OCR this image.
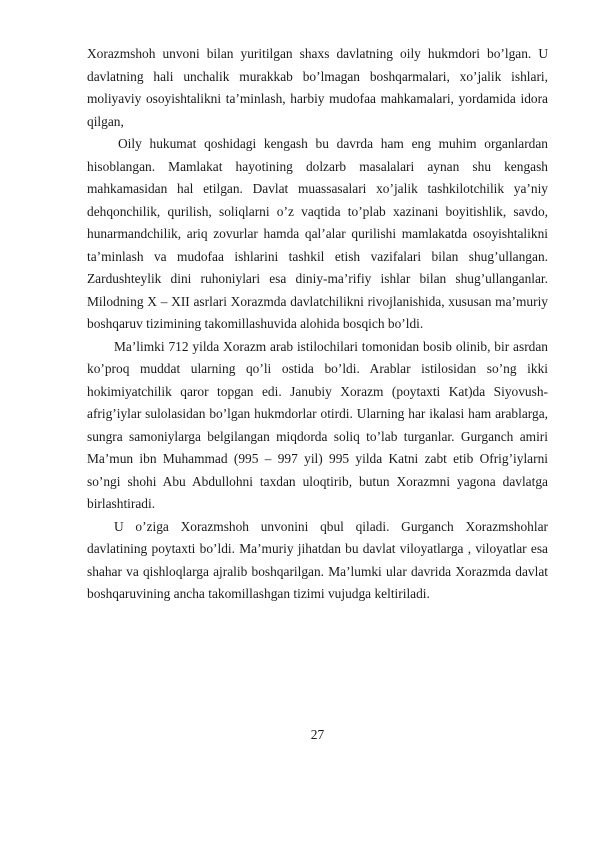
Xorazmshoh unvoni bilan yuritilgan shaxs davlatning oily hukmdori bo’lgan. U davlatning hali unchalik murakkab bo’lmagan boshqarmalari, xo’jalik ishlari, moliyaviy osoyishtalikni ta’minlash, harbiy mudofaa mahkamalari, yordamida idora qilgan,

Oily hukumat qoshidagi kengash bu davrda ham eng muhim organlardan hisoblangan. Mamlakat hayotining dolzarb masalalari aynan shu kengash mahkamasidan hal etilgan. Davlat muassasalari xo’jalik tashkilotchilik ya’niy dehqonchilik, qurilish, soliqlarni o’z vaqtida to’plab xazinani boyitishlik, savdo, hunarmandchilik, ariq zovurlar hamda qal’alar qurilishi mamlakatda osoyishtalikni ta’minlash va mudofaa ishlarini tashkil etish vazifalari bilan shug’ullangan. Zardushteylik dini ruhoniylari esa diniy-ma’rifiy ishlar bilan shug’ullanganlar. Milodning X – XII asrlari Xorazmda davlatchilikni rivojlanishida, xususan ma’muriy boshqaruv tizimining takomillashuvida alohida bosqich bo’ldi.

Ma’limki 712 yilda Xorazm arab istilochilari tomonidan bosib olinib, bir asrdan ko’proq muddat ularning qo’li ostida bo’ldi. Arablar istilosidan so’ng ikki hokimiyatchilik qaror topgan edi. Janubiy Xorazm (poytaxti Kat)da Siyovush-afrig’iylar sulolasidan bo’lgan hukmdorlar otirdi. Ularning har ikalasi ham arablarga, sungra samoniylarga belgilangan miqdorda soliq to’lab turganlar. Gurganch amiri Ma’mun ibn Muhammad (995 – 997 yil) 995 yilda Katni zabt etib Ofrig’iylarni so’ngi shohi Abu Abdullohni taxdan uloqtirib, butun Xorazmni yagona davlatga birlashtiradi.

U o’ziga Xorazmshoh unvonini qbul qiladi. Gurganch Xorazmshohlar davlatining poytaxti bo’ldi. Ma’muriy jihatdan bu davlat viloyatlarga , viloyatlar esa shahar va qishloqlarga ajralib boshqarilgan. Ma’lumki ular davrida Xorazmda davlat boshqaruvining ancha takomillashgan tizimi vujudga keltiriladi.

27
